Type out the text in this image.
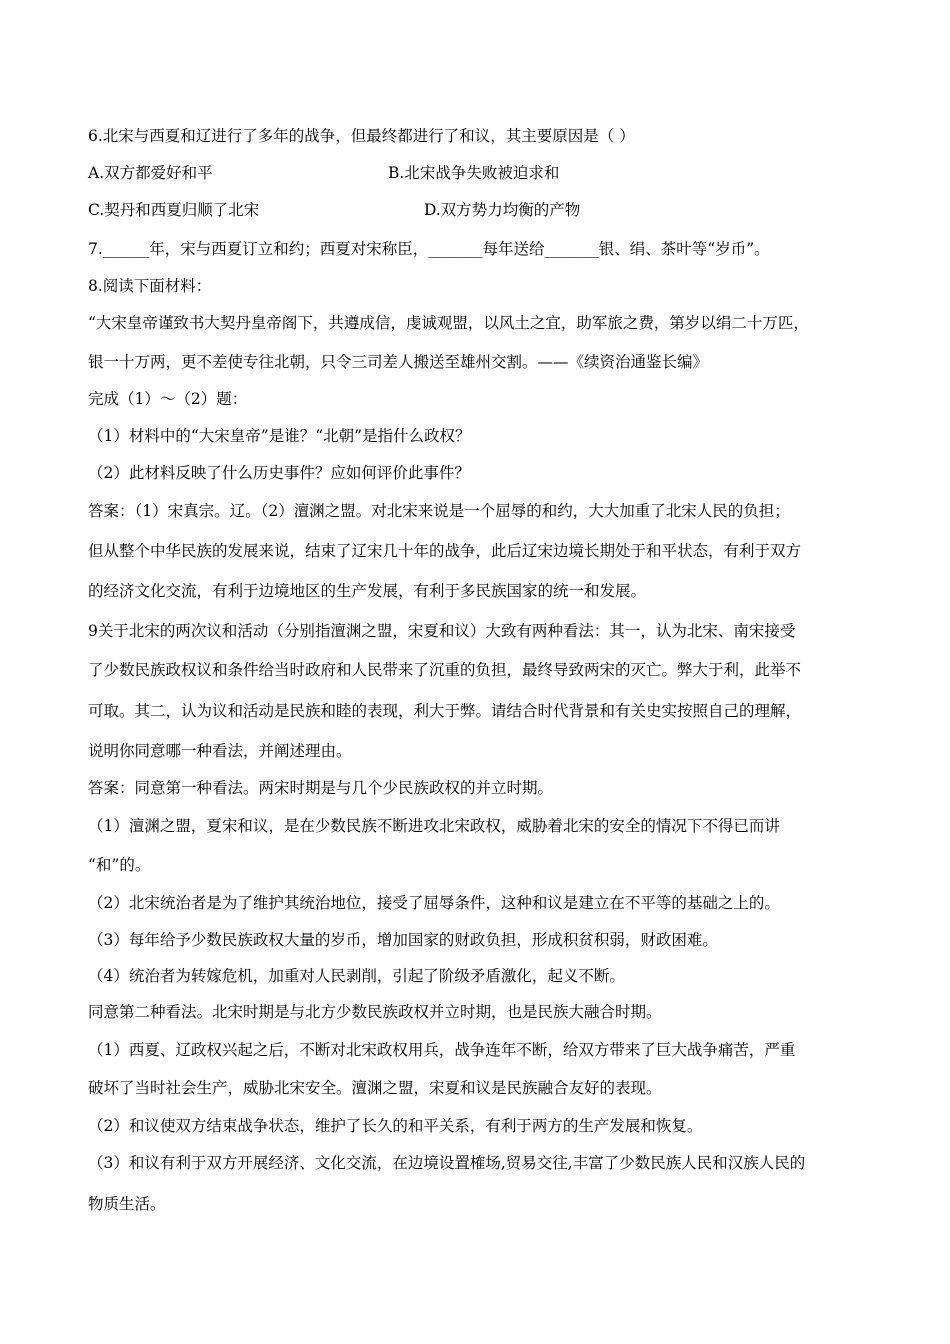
6.北宋与西夏和辽进行了多年的战争，但最终都进行了和议，其主要原因是（ ）
A.双方都爱好和平	B.北宋战争失败被迫求和
C.契丹和西夏归顺了北宋	D.双方势力均衡的产物
7.______年，宋与西夏订立和约；西夏对宋称臣，_______每年送给_______银、绢、茶叶等“岁币”。
8.阅读下面材料：
“大宋皇帝谨致书大契丹皇帝阁下，共遵成信，虔诚观盟，以风土之宜，助军旅之费，第岁以绢二十万匹，
银一十万两，更不差使专往北朝，只令三司差人搬送至雄州交割。——《续资治通鉴长编》
完成（1）～（2）题：
（1）材料中的“大宋皇帝”是谁？“北朝”是指什么政权？
（2）此材料反映了什么历史事件？应如何评价此事件？
答案：（1）宋真宗。辽。（2）澶渊之盟。对北宋来说是一个屈辱的和约，大大加重了北宋人民的负担；
但从整个中华民族的发展来说，结束了辽宋几十年的战争，此后辽宋边境长期处于和平状态，有利于双方
的经济文化交流，有利于边境地区的生产发展，有利于多民族国家的统一和发展。
9关于北宋的两次议和活动（分别指澶渊之盟，宋夏和议）大致有两种看法：其一，认为北宋、南宋接受
了少数民族政权议和条件给当时政府和人民带来了沉重的负担，最终导致两宋的灭亡。弊大于利，此举不
可取。其二，认为议和活动是民族和睦的表现，利大于弊。请结合时代背景和有关史实按照自己的理解，
说明你同意哪一种看法，并阐述理由。
答案：同意第一种看法。两宋时期是与几个少民族政权的并立时期。
（1）澶渊之盟，夏宋和议，是在少数民族不断进攻北宋政权，威胁着北宋的安全的情况下不得已而讲
“和”的。
（2）北宋统治者是为了维护其统治地位，接受了屈辱条件，这种和议是建立在不平等的基础之上的。
（3）每年给予少数民族政权大量的岁币，增加国家的财政负担，形成积贫积弱，财政困难。
（4）统治者为转嫁危机，加重对人民剥削，引起了阶级矛盾激化，起义不断。
同意第二种看法。北宋时期是与北方少数民族政权并立时期，也是民族大融合时期。
（1）西夏、辽政权兴起之后，不断对北宋政权用兵，战争连年不断，给双方带来了巨大战争痛苦，严重
破坏了当时社会生产，威胁北宋安全。澶渊之盟，宋夏和议是民族融合友好的表现。
（2）和议使双方结束战争状态，维护了长久的和平关系，有利于两方的生产发展和恢复。
（3）和议有利于双方开展经济、文化交流，在边境设置榷场,贸易交往,丰富了少数民族人民和汉族人民的
物质生活。
